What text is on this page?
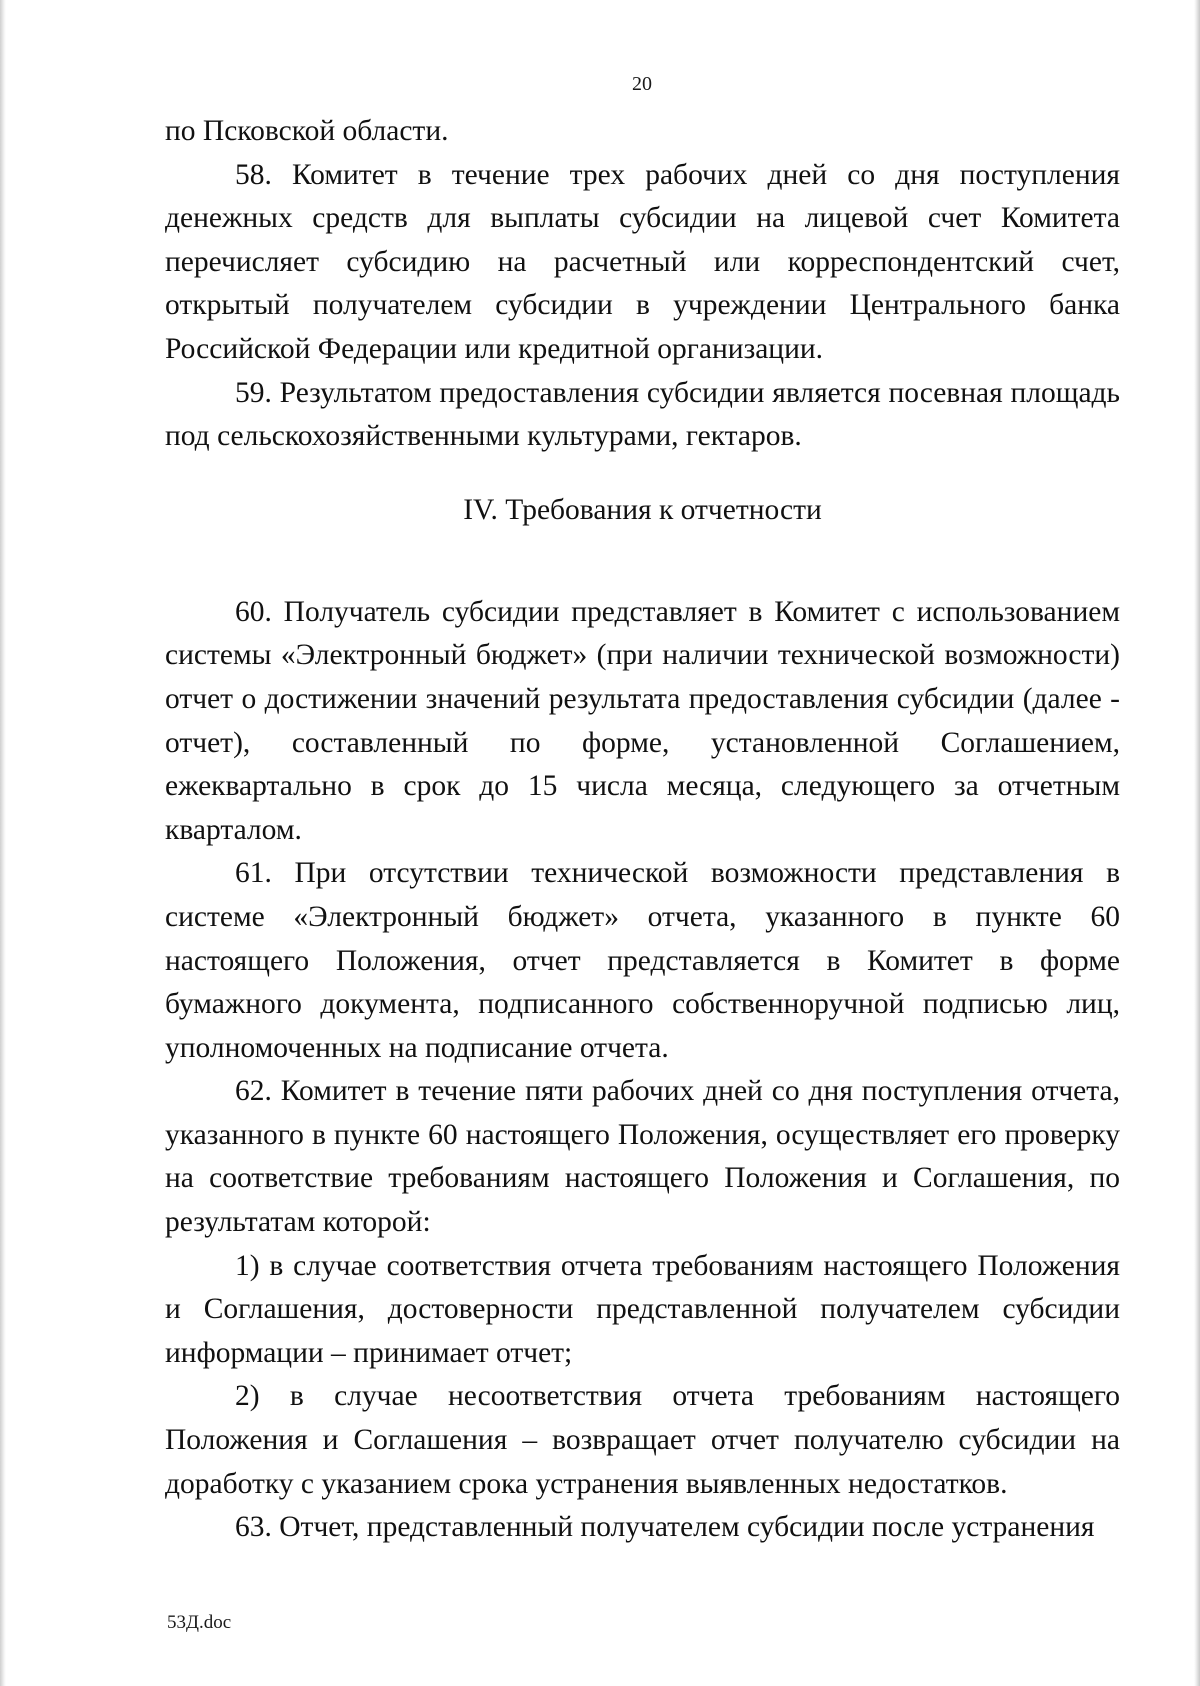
20

по Псковской области.

58. Комитет в течение трех рабочих дней со дня поступления денежных средств для выплаты субсидии на лицевой счет Комитета перечисляет субсидию на расчетный или корреспондентский счет, открытый получателем субсидии в учреждении Центрального банка Российской Федерации или кредитной организации.

59. Результатом предоставления субсидии является посевная площадь под сельскохозяйственными культурами, гектаров.

IV. Требования к отчетности

60. Получатель субсидии представляет в Комитет с использованием системы «Электронный бюджет» (при наличии технической возможности) отчет о достижении значений результата предоставления субсидии (далее - отчет), составленный по форме, установленной Соглашением, ежеквартально в срок до 15 числа месяца, следующего за отчетным кварталом.

61. При отсутствии технической возможности представления в системе «Электронный бюджет» отчета, указанного в пункте 60 настоящего Положения, отчет представляется в Комитет в форме бумажного документа, подписанного собственноручной подписью лиц, уполномоченных на подписание отчета.

62. Комитет в течение пяти рабочих дней со дня поступления отчета, указанного в пункте 60 настоящего Положения, осуществляет его проверку на соответствие требованиям настоящего Положения и Соглашения, по результатам которой:

1) в случае соответствия отчета требованиям настоящего Положения и Соглашения, достоверности представленной получателем субсидии информации – принимает отчет;

2) в случае несоответствия отчета требованиям настоящего Положения и Соглашения – возвращает отчет получателю субсидии на доработку с указанием срока устранения выявленных недостатков.

63. Отчет, представленный получателем субсидии после устранения

53Д.doc
